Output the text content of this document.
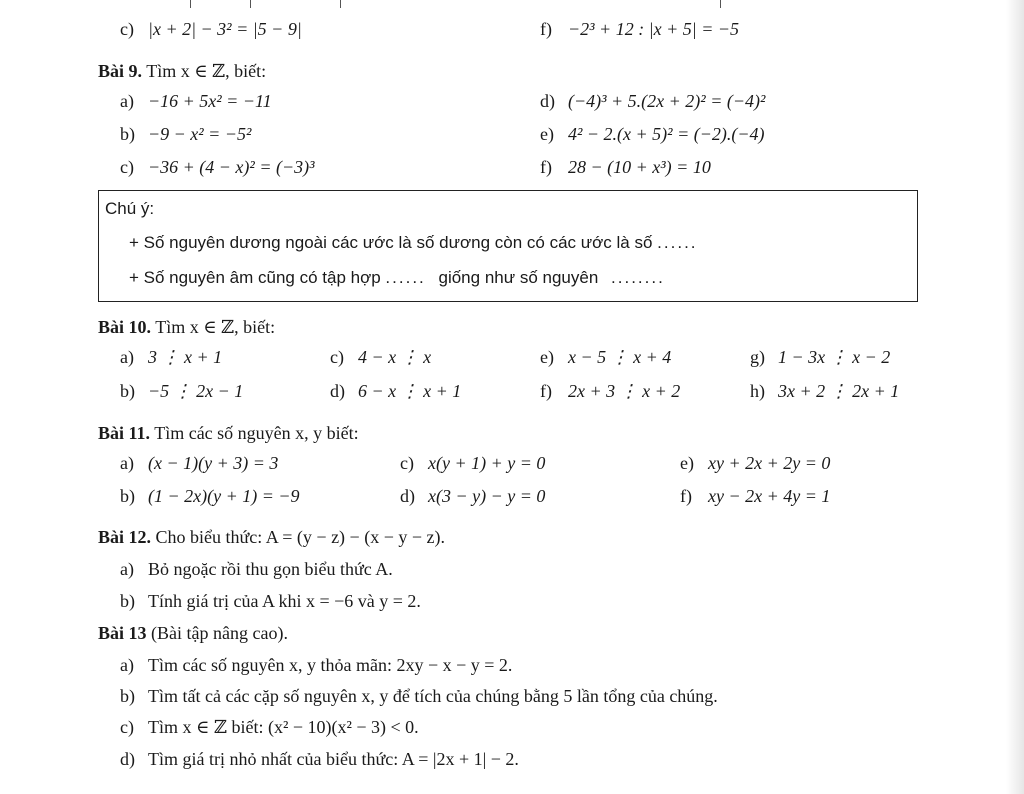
c) |x + 2| − 3² = |5 − 9|	f) −2³ + 12 : |x + 5| = −5
Bài 9. Tìm x ∈ ℤ, biết:
a) −16 + 5x² = −11	d) (−4)³ + 5.(2x + 2)² = (−4)²
b) −9 − x² = −5²	e) 4² − 2.(x + 5)² = (−2).(−4)
c) −36 + (4 − x)² = (−3)³	f) 28 − (10 + x³) = 10
Chú ý:
+ Số nguyên dương ngoài các ước là số dương còn có các ước là số ......
+ Số nguyên âm cũng có tập hợp ...... giống như số nguyên ........
Bài 10. Tìm x ∈ ℤ, biết:
a) 3 ⋮ x + 1	c) 4 − x ⋮ x	e) x − 5 ⋮ x + 4	g) 1 − 3x ⋮ x − 2
b) −5 ⋮ 2x − 1	d) 6 − x ⋮ x + 1	f) 2x + 3 ⋮ x + 2	h) 3x + 2 ⋮ 2x + 1
Bài 11. Tìm các số nguyên x, y biết:
a) (x − 1)(y + 3) = 3	c) x(y + 1) + y = 0	e) xy + 2x + 2y = 0
b) (1 − 2x)(y + 1) = −9	d) x(3 − y) − y = 0	f) xy − 2x + 4y = 1
Bài 12. Cho biểu thức: A = (y − z) − (x − y − z).
a) Bỏ ngoặc rồi thu gọn biểu thức A.
b) Tính giá trị của A khi x = −6 và y = 2.
Bài 13 (Bài tập nâng cao).
a) Tìm các số nguyên x, y thỏa mãn: 2xy − x − y = 2.
b) Tìm tất cả các cặp số nguyên x, y để tích của chúng bằng 5 lần tổng của chúng.
c) Tìm x ∈ ℤ biết: (x² − 10)(x² − 3) < 0.
d) Tìm giá trị nhỏ nhất của biểu thức: A = |2x + 1| − 2.
